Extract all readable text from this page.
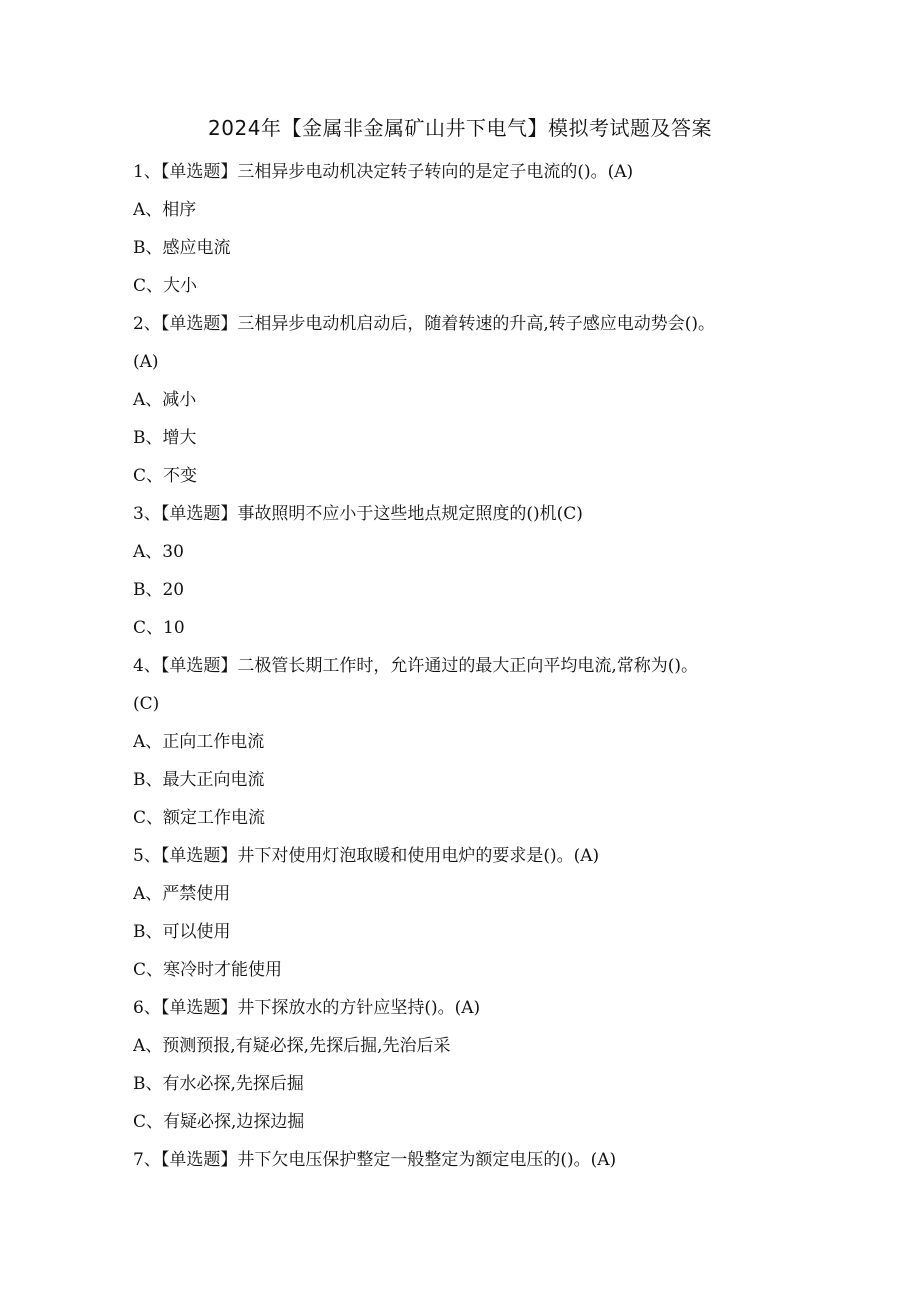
2024年【金属非金属矿山井下电气】模拟考试题及答案
1、【单选题】三相异步电动机决定转子转向的是定子电流的()。(A)
A、相序
B、感应电流
C、大小
2、【单选题】三相异步电动机启动后，随着转速的升高,转子感应电动势会()。
(A)
A、减小
B、增大
C、不变
3、【单选题】事故照明不应小于这些地点规定照度的()机(C)
A、30
B、20
C、10
4、【单选题】二极管长期工作时，允许通过的最大正向平均电流,常称为()。
(C)
A、正向工作电流
B、最大正向电流
C、额定工作电流
5、【单选题】井下对使用灯泡取暖和使用电炉的要求是()。(A)
A、严禁使用
B、可以使用
C、寒冷时才能使用
6、【单选题】井下探放水的方针应坚持()。(A)
A、预测预报,有疑必探,先探后掘,先治后采
B、有水必探,先探后掘
C、有疑必探,边探边掘
7、【单选题】井下欠电压保护整定一般整定为额定电压的()。(A)
